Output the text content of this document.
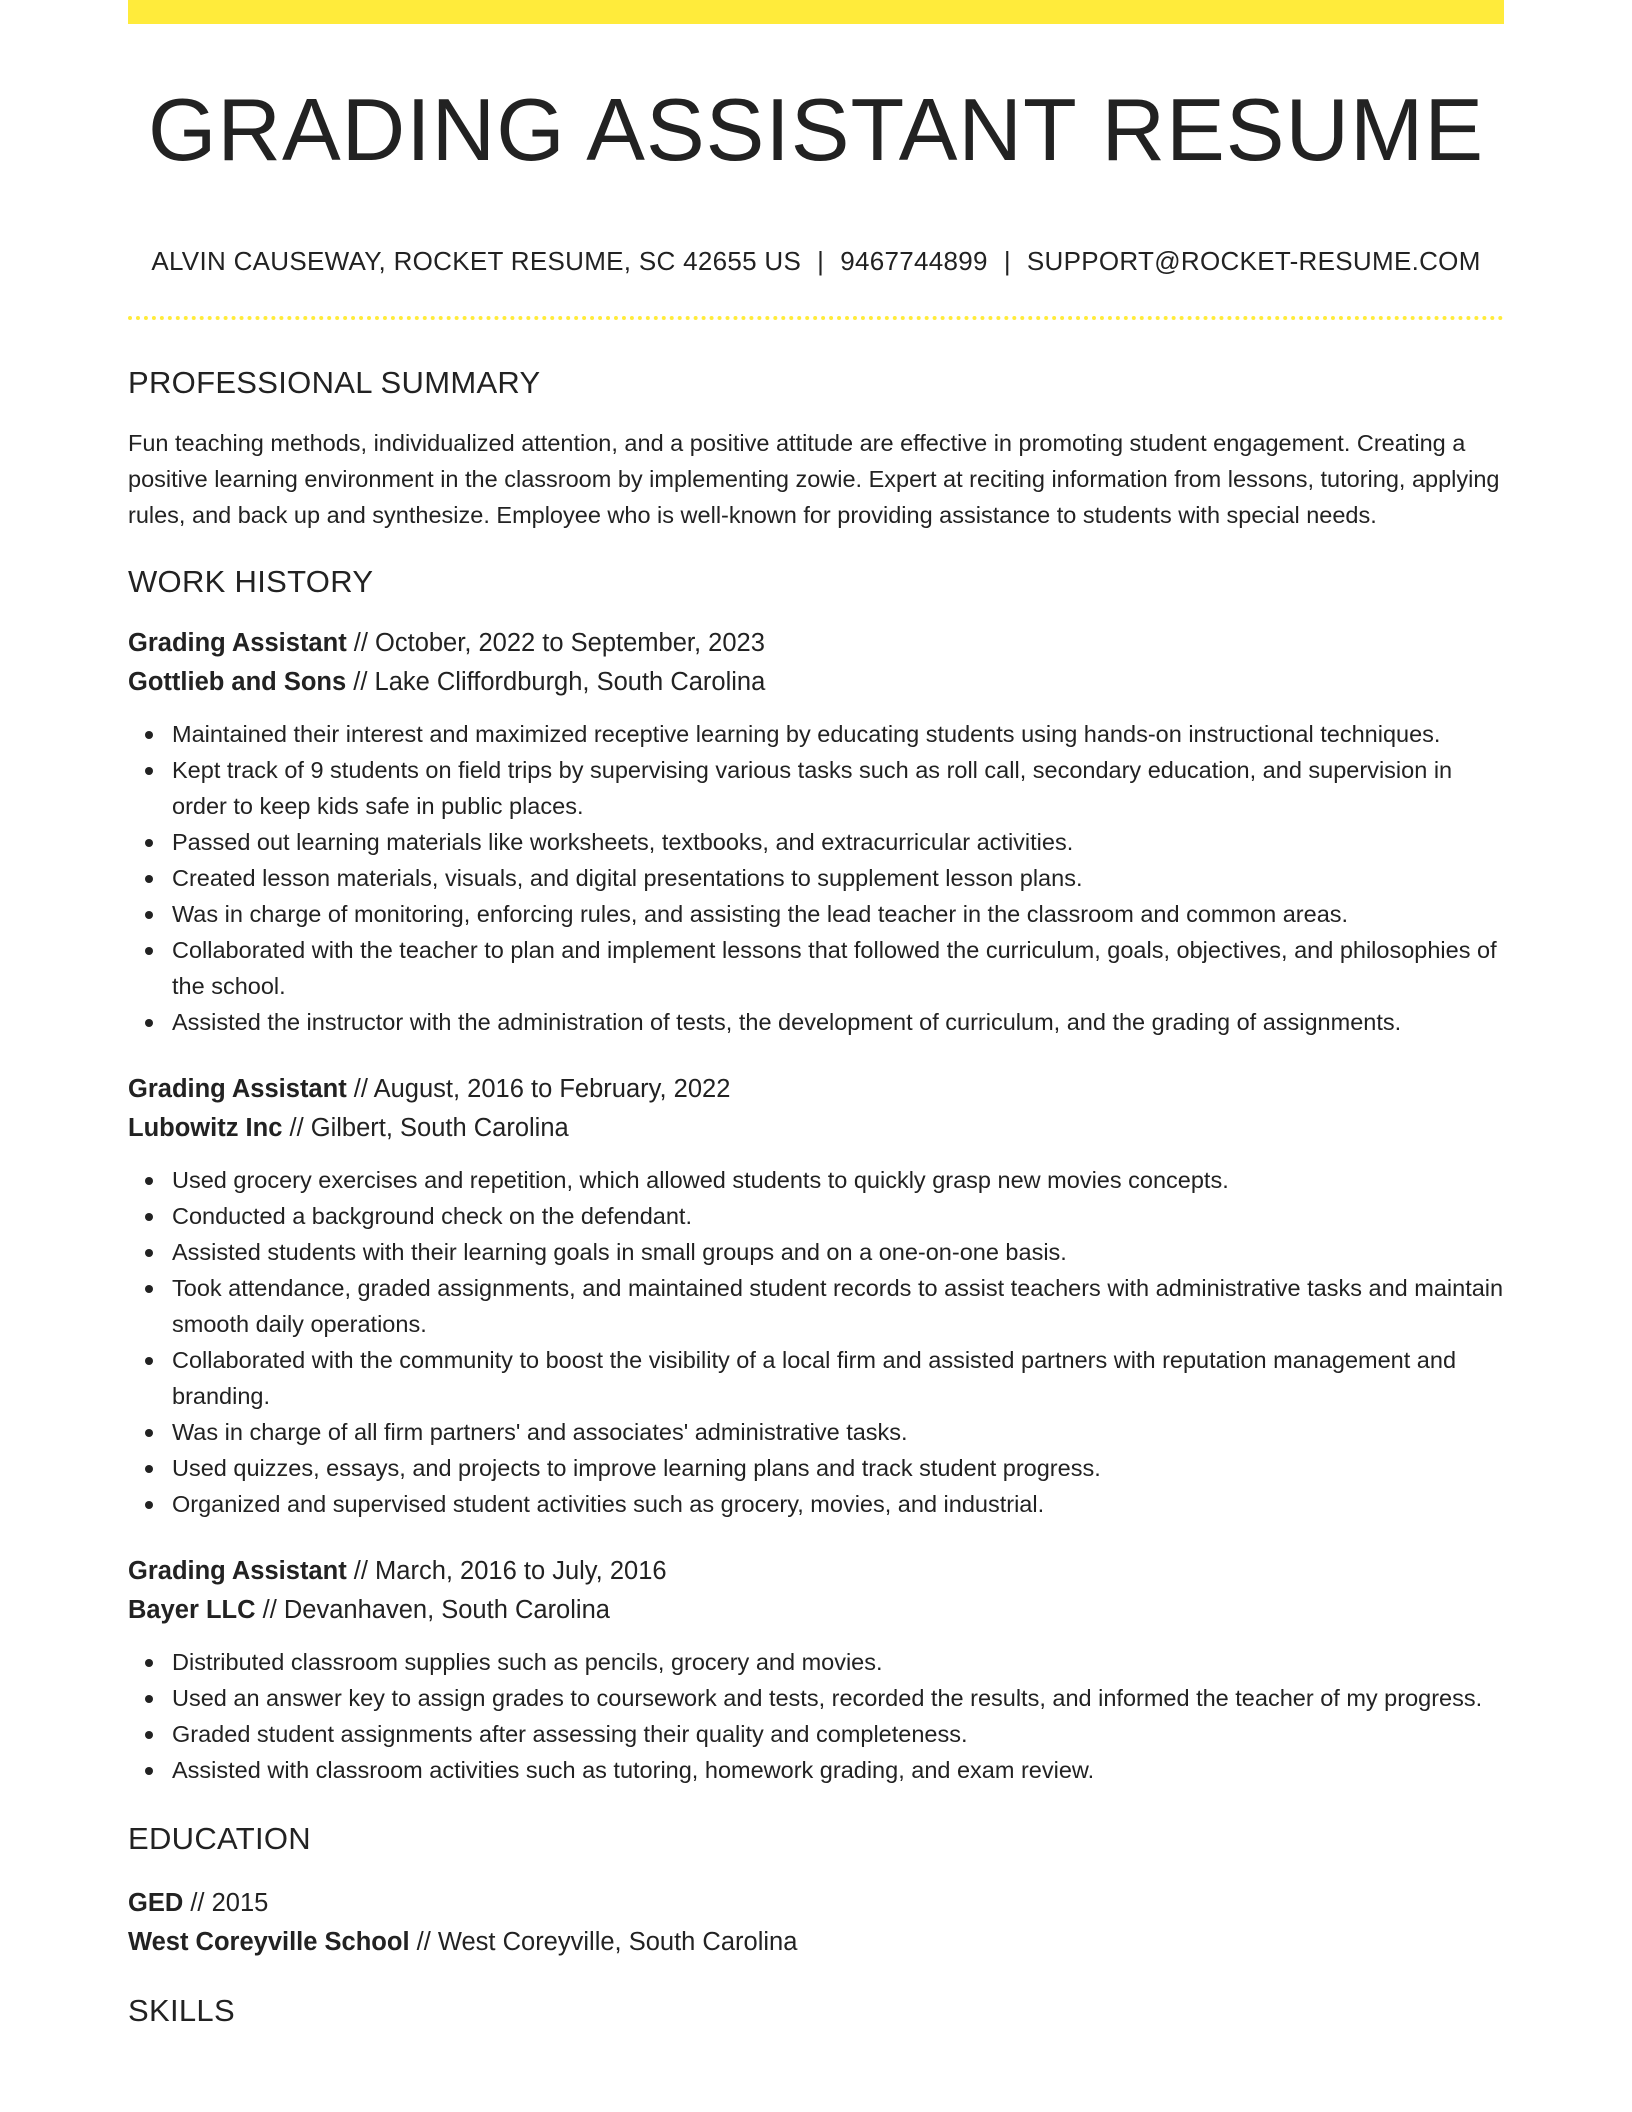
GRADING ASSISTANT RESUME
ALVIN CAUSEWAY, ROCKET RESUME, SC 42655 US | 9467744899 | SUPPORT@ROCKET-RESUME.COM
PROFESSIONAL SUMMARY

Fun teaching methods, individualized attention, and a positive attitude are effective in promoting student engagement. Creating a positive learning environment in the classroom by implementing zowie. Expert at reciting information from lessons, tutoring, applying rules, and back up and synthesize. Employee who is well-known for providing assistance to students with special needs.

WORK HISTORY
Grading Assistant // October, 2022 to September, 2023
Gottlieb and Sons // Lake Cliffordburgh, South Carolina
Maintained their interest and maximized receptive learning by educating students using hands-on instructional techniques.
Kept track of 9 students on field trips by supervising various tasks such as roll call, secondary education, and supervision in order to keep kids safe in public places.
Passed out learning materials like worksheets, textbooks, and extracurricular activities.
Created lesson materials, visuals, and digital presentations to supplement lesson plans.
Was in charge of monitoring, enforcing rules, and assisting the lead teacher in the classroom and common areas.
Collaborated with the teacher to plan and implement lessons that followed the curriculum, goals, objectives, and philosophies of the school.
Assisted the instructor with the administration of tests, the development of curriculum, and the grading of assignments.
Grading Assistant // August, 2016 to February, 2022
Lubowitz Inc // Gilbert, South Carolina
Used grocery exercises and repetition, which allowed students to quickly grasp new movies concepts.
Conducted a background check on the defendant.
Assisted students with their learning goals in small groups and on a one-on-one basis.
Took attendance, graded assignments, and maintained student records to assist teachers with administrative tasks and maintain smooth daily operations.
Collaborated with the community to boost the visibility of a local firm and assisted partners with reputation management and branding.
Was in charge of all firm partners' and associates' administrative tasks.
Used quizzes, essays, and projects to improve learning plans and track student progress.
Organized and supervised student activities such as grocery, movies, and industrial.
Grading Assistant // March, 2016 to July, 2016
Bayer LLC // Devanhaven, South Carolina
Distributed classroom supplies such as pencils, grocery and movies.
Used an answer key to assign grades to coursework and tests, recorded the results, and informed the teacher of my progress.
Graded student assignments after assessing their quality and completeness.
Assisted with classroom activities such as tutoring, homework grading, and exam review.
EDUCATION
GED // 2015
West Coreyville School // West Coreyville, South Carolina
SKILLS
